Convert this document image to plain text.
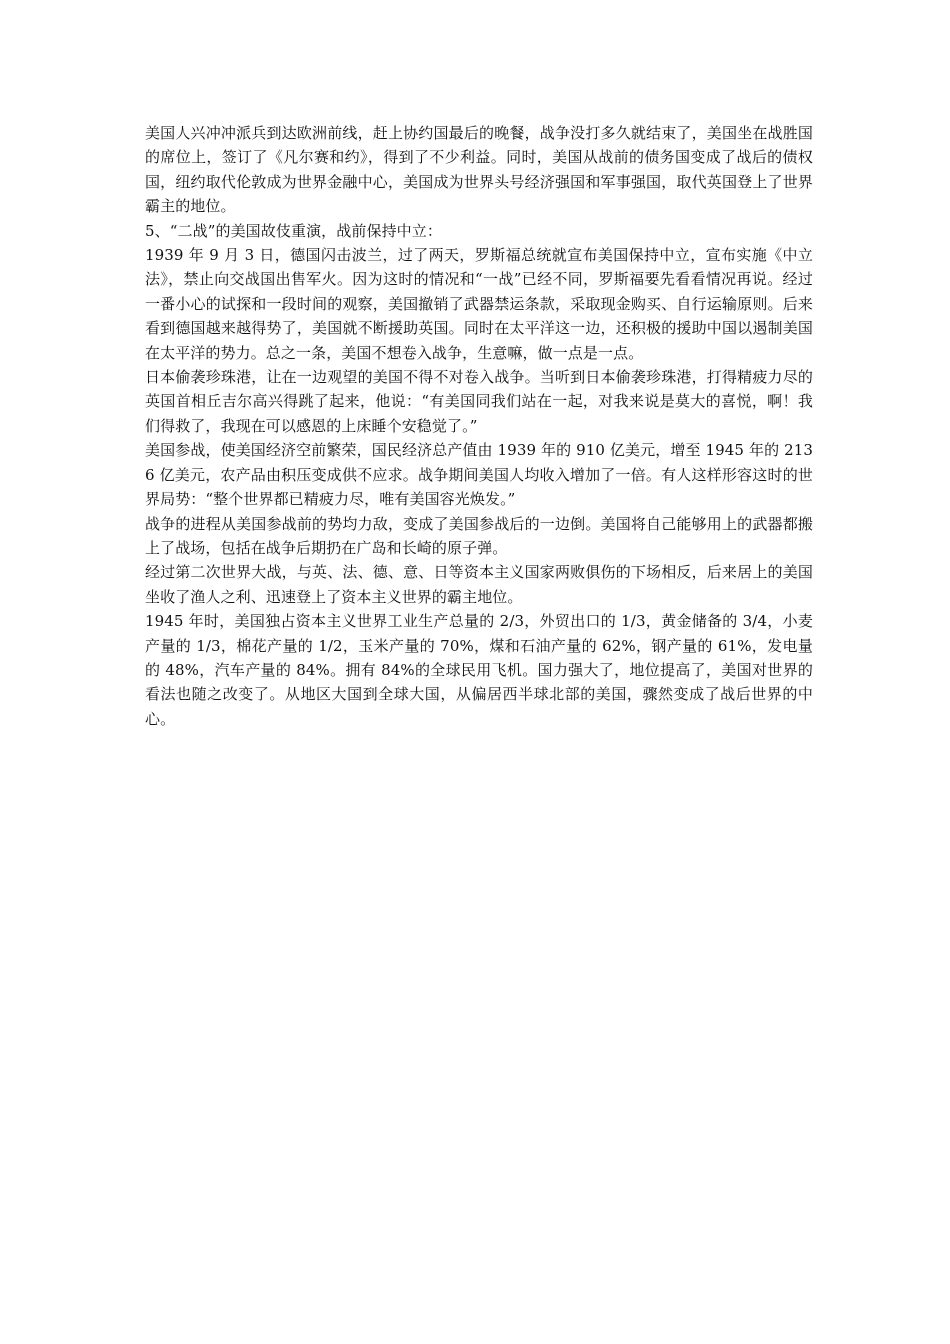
美国人兴冲冲派兵到达欧洲前线，赶上协约国最后的晚餐，战争没打多久就结束了，美国坐在战胜国的席位上，签订了《凡尔赛和约》，得到了不少利益。同时，美国从战前的债务国变成了战后的债权国，纽约取代伦敦成为世界金融中心，美国成为世界头号经济强国和军事强国，取代英国登上了世界霸主的地位。

5、“二战”的美国故伎重演，战前保持中立：

1939 年 9 月 3 日，德国闪击波兰，过了两天，罗斯福总统就宣布美国保持中立，宣布实施《中立法》，禁止向交战国出售军火。因为这时的情况和“一战”已经不同，罗斯福要先看看情况再说。经过一番小心的试探和一段时间的观察，美国撤销了武器禁运条款，采取现金购买、自行运输原则。后来看到德国越来越得势了，美国就不断援助英国。同时在太平洋这一边，还积极的援助中国以遏制美国在太平洋的势力。总之一条，美国不想卷入战争，生意嘛，做一点是一点。

日本偷袭珍珠港，让在一边观望的美国不得不对卷入战争。当听到日本偷袭珍珠港，打得精疲力尽的英国首相丘吉尔高兴得跳了起来，他说：“有美国同我们站在一起，对我来说是莫大的喜悦，啊！我们得救了，我现在可以感恩的上床睡个安稳觉了。”

美国参战，使美国经济空前繁荣，国民经济总产值由 1939 年的 910 亿美元，增至 1945 年的 2136 亿美元，农产品由积压变成供不应求。战争期间美国人均收入增加了一倍。有人这样形容这时的世界局势：“整个世界都已精疲力尽，唯有美国容光焕发。”

战争的进程从美国参战前的势均力敌，变成了美国参战后的一边倒。美国将自己能够用上的武器都搬上了战场，包括在战争后期扔在广岛和长崎的原子弹。

经过第二次世界大战，与英、法、德、意、日等资本主义国家两败俱伤的下场相反，后来居上的美国坐收了渔人之利、迅速登上了资本主义世界的霸主地位。

1945 年时，美国独占资本主义世界工业生产总量的 2/3，外贸出口的 1/3，黄金储备的 3/4，小麦产量的 1/3，棉花产量的 1/2，玉米产量的 70%，煤和石油产量的 62%，钢产量的 61%，发电量的 48%，汽车产量的 84%。拥有 84%的全球民用飞机。国力强大了，地位提高了，美国对世界的看法也随之改变了。从地区大国到全球大国，从偏居西半球北部的美国，骤然变成了战后世界的中心。
